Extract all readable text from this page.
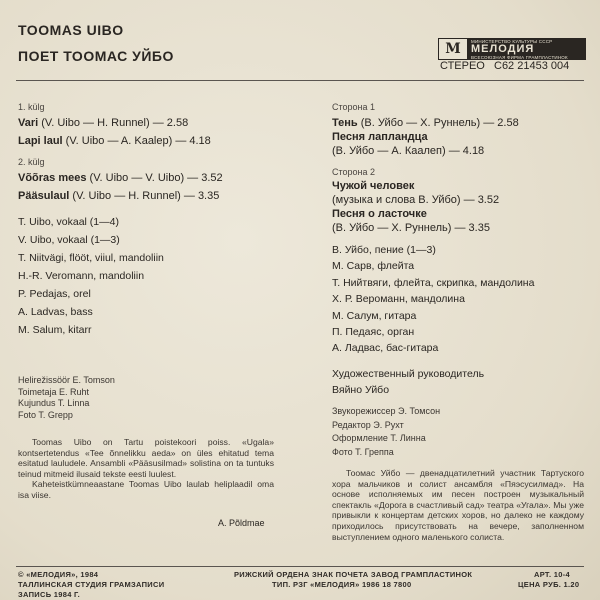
TOOMAS UIBO
ПОЕТ ТООМАС УЙБО	M	МИНИСТЕРСТВО КУЛЬТУРЫ СССР
МЕЛОДИЯ
ВСЕСОЮЗНАЯ ФИРМА ГРАМПЛАСТИНОК
СТЕРЕО С62 21453 004
1. külg
Vari (V. Uibo — H. Runnel) — 2.58
Lapi laul (V. Uibo — A. Kaalep) — 4.18
2. külg
Võõras mees (V. Uibo — V. Uibo) — 3.52
Pääsulaul (V. Uibo — H. Runnel) — 3.35
T. Uibo, vokaal (1—4)
V. Uibo, vokaal (1—3)
T. Niitvägi, flööt, viiul, mandoliin
H.-R. Veromann, mandoliin
P. Pedajas, orel
A. Ladvas, bass
M. Salum, kitarr
Helirežissöör E. Tomson
Toimetaja E. Ruht
Kujundus T. Linna
Foto T. Grepp

Toomas Uibo on Tartu poistekoori poiss. «Ugala» kontsertetendus «Tee õnnelikku aeda» on üles ehitatud tema esitatud lauludele. Ansambli «Pääsusilmad» solistina on ta tuntuks teinud mitmeid ilusaid tekste eesti luulest.

Kaheteistkümneaastane Toomas Uibo laulab heliplaadil oma isa viise.

A. Põldmae
Сторона 1
Тень (В. Уйбо — Х. Руннель) — 2.58
Песня лапландца
(В. Уйбо — А. Каалеп) — 4.18
Сторона 2
Чужой человек
(музыка и слова В. Уйбо) — 3.52
Песня о ласточке
(В. Уйбо — Х. Руннель) — 3.35
В. Уйбо, пение (1—3)
М. Сарв, флейта
Т. Нийтвяги, флейта, скрипка, мандолина
Х. Р. Вероманн, мандолина
М. Салум, гитара
П. Педаяс, орган
А. Ладвас, бас-гитара
Художественный руководитель
Вяйно Уйбо
Звукорежиссер Э. Томсон
Редактор Э. Рухт
Оформление Т. Линна
Фото Т. Греппа

Тоомас Уйбо — двенадцатилетний участник Тартуского хора мальчиков и солист ансамбля «Пяэсусилмад». На основе исполняемых им песен построен музыкальный спектакль «Дорога в счастливый сад» театра «Угала». Мы уже привыкли к концертам детских хоров, но далеко не каждому приходилось присутствовать на вечере, заполненном выступлением одного маленького солиста.

© «МЕЛОДИЯ», 1984
ТАЛЛИНСКАЯ СТУДИЯ ГРАМЗАПИСИ
ЗАПИСЬ 1984 Г.
РИЖСКИЙ ОРДЕНА ЗНАК ПОЧЕТА ЗАВОД ГРАМПЛАСТИНОК
ТИП. РЗГ «МЕЛОДИЯ» 1986 18 7800
АРТ. 10-4
ЦЕНА РУБ. 1.20
